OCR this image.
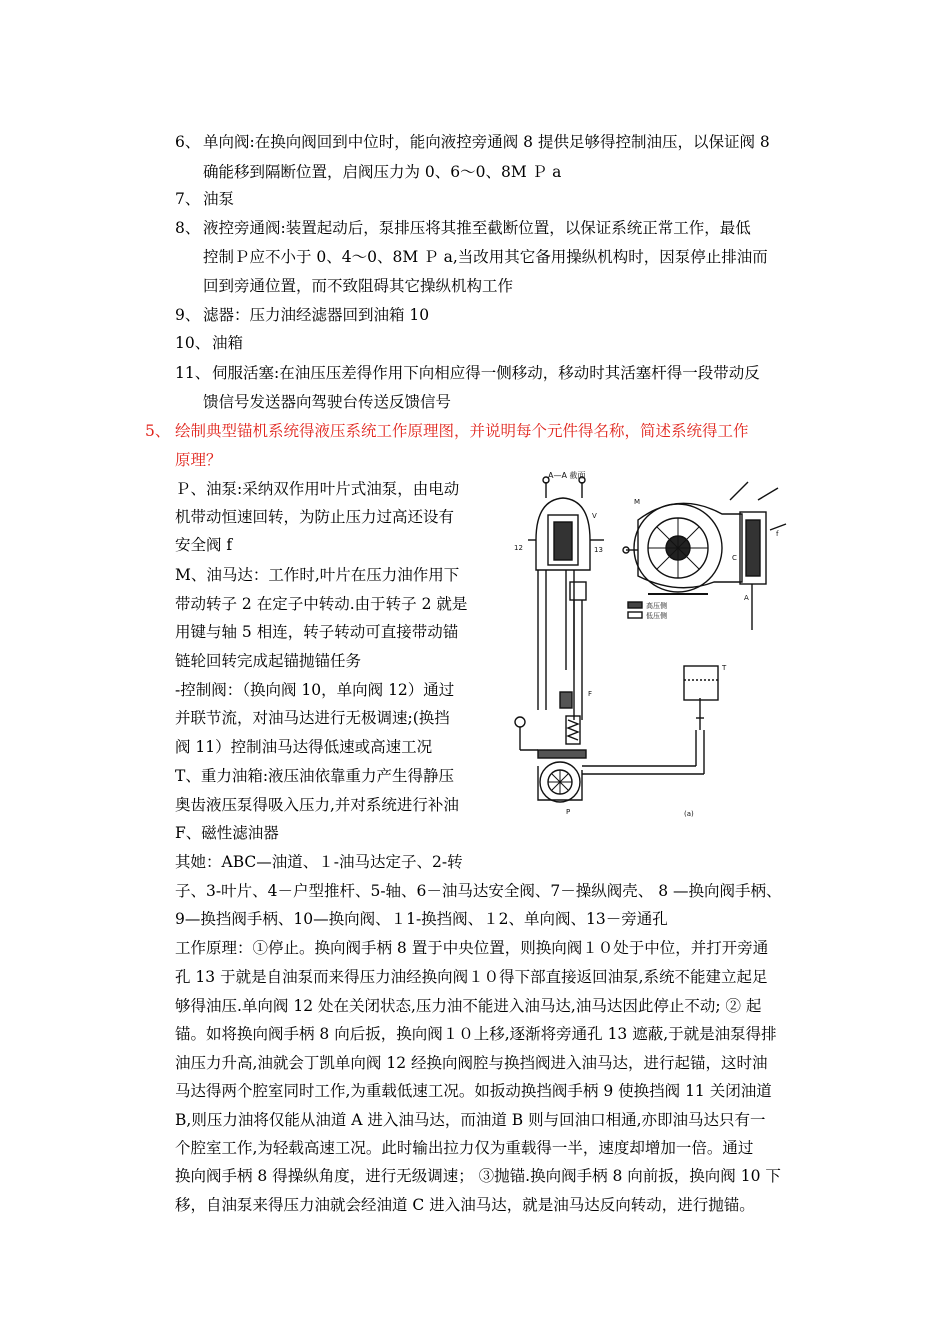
6、 单向阀:在换向阀回到中位时，能向液控旁通阀 8 提供足够得控制油压，以保证阀 8
确能移到隔断位置，启阀压力为 0、6～0、8M Ｐ a
7、 油泵
8、 液控旁通阀:装置起动后，泵排压将其推至截断位置，以保证系统正常工作，最低
控制Ｐ应不小于 0、4～0、8M Ｐ a,当改用其它备用操纵机构时，因泵停止排油而
回到旁通位置，而不致阻碍其它操纵机构工作
9、 滤器：压力油经滤器回到油箱 10
10、 油箱
11、 伺服活塞:在油压压差得作用下向相应得一侧移动，移动时其活塞杆得一段带动反
馈信号发送器向驾驶台传送反馈信号
5、 绘制典型锚机系统得液压系统工作原理图，并说明每个元件得名称，简述系统得工作
原理？
Ｐ、油泵:采纳双作用叶片式油泵，由电动
机带动恒速回转，为防止压力过高还设有
安全阀 f
M、油马达：工作时,叶片在压力油作用下
带动转子 2 在定子中转动.由于转子 2 就是
用键与轴 5 相连，转子转动可直接带动锚
链轮回转完成起锚抛锚任务
-控制阀：（换向阀 10，单向阀 12）通过
并联节流，对油马达进行无极调速;(换挡
阀 11）控制油马达得低速或高速工况
T、重力油箱:液压油依靠重力产生得静压
奥齿液压泵得吸入压力,并对系统进行补油
F、磁性滤油器
其她：ABC—油道、１-油马达定子、2-转
子、3-叶片、4－户型推杆、5-轴、6－油马达安全阀、7－操纵阀壳、 8 —换向阀手柄、
9—换挡阀手柄、10—换向阀、１1-换挡阀、１2、单向阀、13－旁通孔
工作原理：①停止。换向阀手柄 8 置于中央位置，则换向阀１０处于中位，并打开旁通
孔 13 于就是自油泵而来得压力油经换向阀１０得下部直接返回油泵,系统不能建立起足
够得油压.单向阀 12 处在关闭状态,压力油不能进入油马达,油马达因此停止不动; ② 起
锚。如将换向阀手柄 8 向后扳，换向阀１０上移,逐渐将旁通孔 13 遮蔽,于就是油泵得排
油压力升高,油就会丁凯单向阀 12 经换向阀腔与换挡阀进入油马达，进行起锚，这时油
马达得两个腔室同时工作,为重载低速工况。如扳动换挡阀手柄 9 使换挡阀 11 关闭油道
B,则压力油将仅能从油道 A 进入油马达，而油道 B 则与回油口相通,亦即油马达只有一
个腔室工作,为轻载高速工况。此时输出拉力仅为重载得一半，速度却增加一倍。通过
换向阀手柄 8 得操纵角度，进行无级调速； ③抛锚.换向阀手柄 8 向前扳，换向阀 10 下
移，自油泵来得压力油就会经油道 C 进入油马达，就是油马达反向转动，进行抛锚。
A—A 截面
高压侧
低压侧
V
12	13
F
T
P
M
A
C
f
(a)
